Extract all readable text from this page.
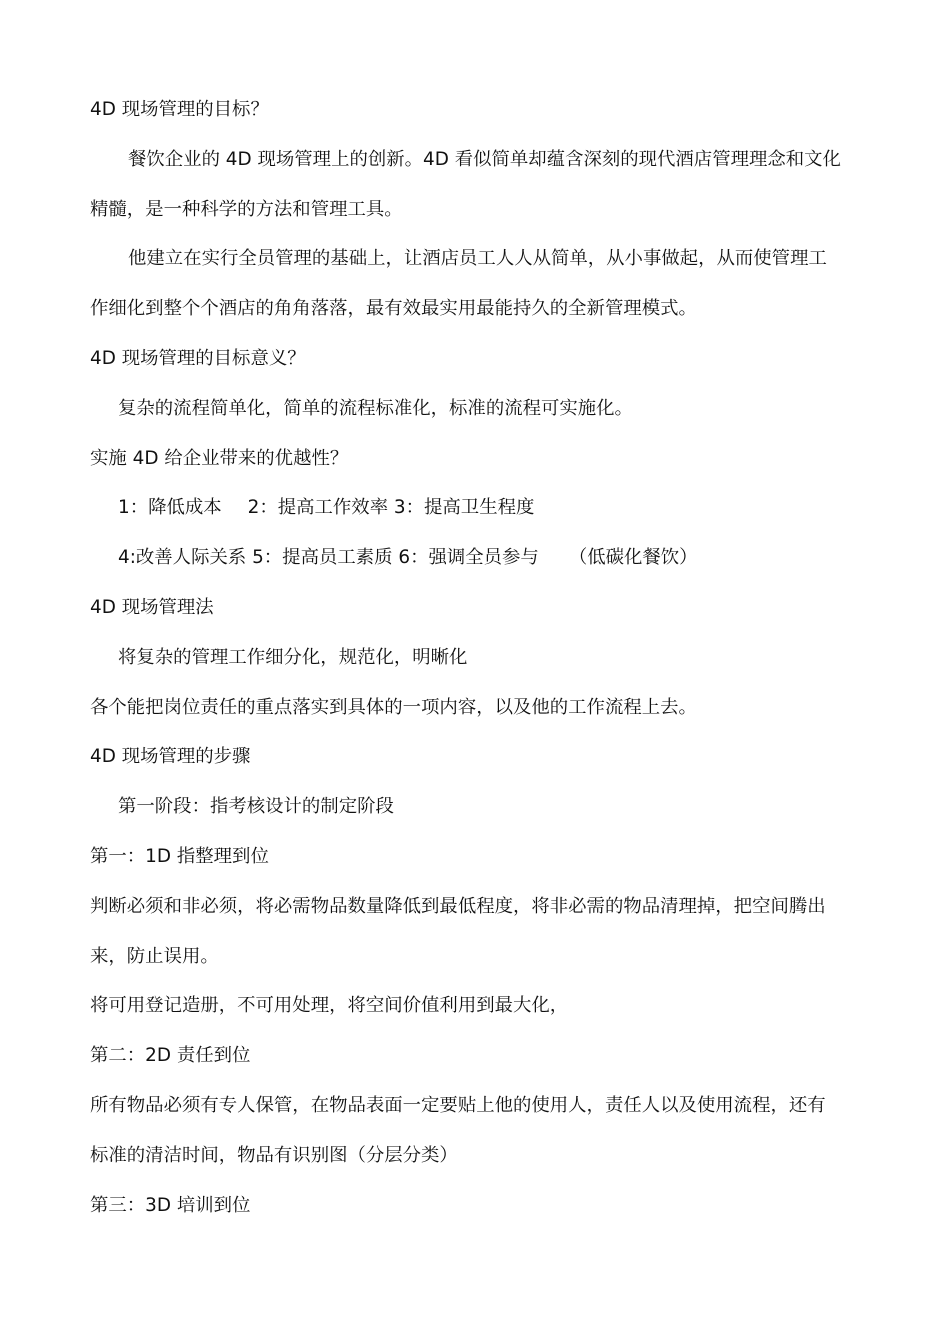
4D 现场管理的目标？
餐饮企业的 4D 现场管理上的创新。4D 看似简单却蕴含深刻的现代酒店管理理念和文化
精髓，是一种科学的方法和管理工具。
他建立在实行全员管理的基础上，让酒店员工人人从简单，从小事做起，从而使管理工
作细化到整个个酒店的角角落落，最有效最实用最能持久的全新管理模式。
4D 现场管理的目标意义？
复杂的流程简单化，简单的流程标准化，标准的流程可实施化。
实施 4D 给企业带来的优越性？
1：降低成本 2：提高工作效率 3：提高卫生程度
4:改善人际关系 5：提高员工素质 6：强调全员参与 （低碳化餐饮）
4D 现场管理法
将复杂的管理工作细分化，规范化，明晰化
各个能把岗位责任的重点落实到具体的一项内容，以及他的工作流程上去。
4D 现场管理的步骤
第一阶段：指考核设计的制定阶段
第一：1D 指整理到位
判断必须和非必须，将必需物品数量降低到最低程度，将非必需的物品清理掉，把空间腾出
来，防止误用。
将可用登记造册，不可用处理，将空间价值利用到最大化，
第二：2D 责任到位
所有物品必须有专人保管，在物品表面一定要贴上他的使用人，责任人以及使用流程，还有
标准的清洁时间，物品有识别图（分层分类）
第三：3D 培训到位
